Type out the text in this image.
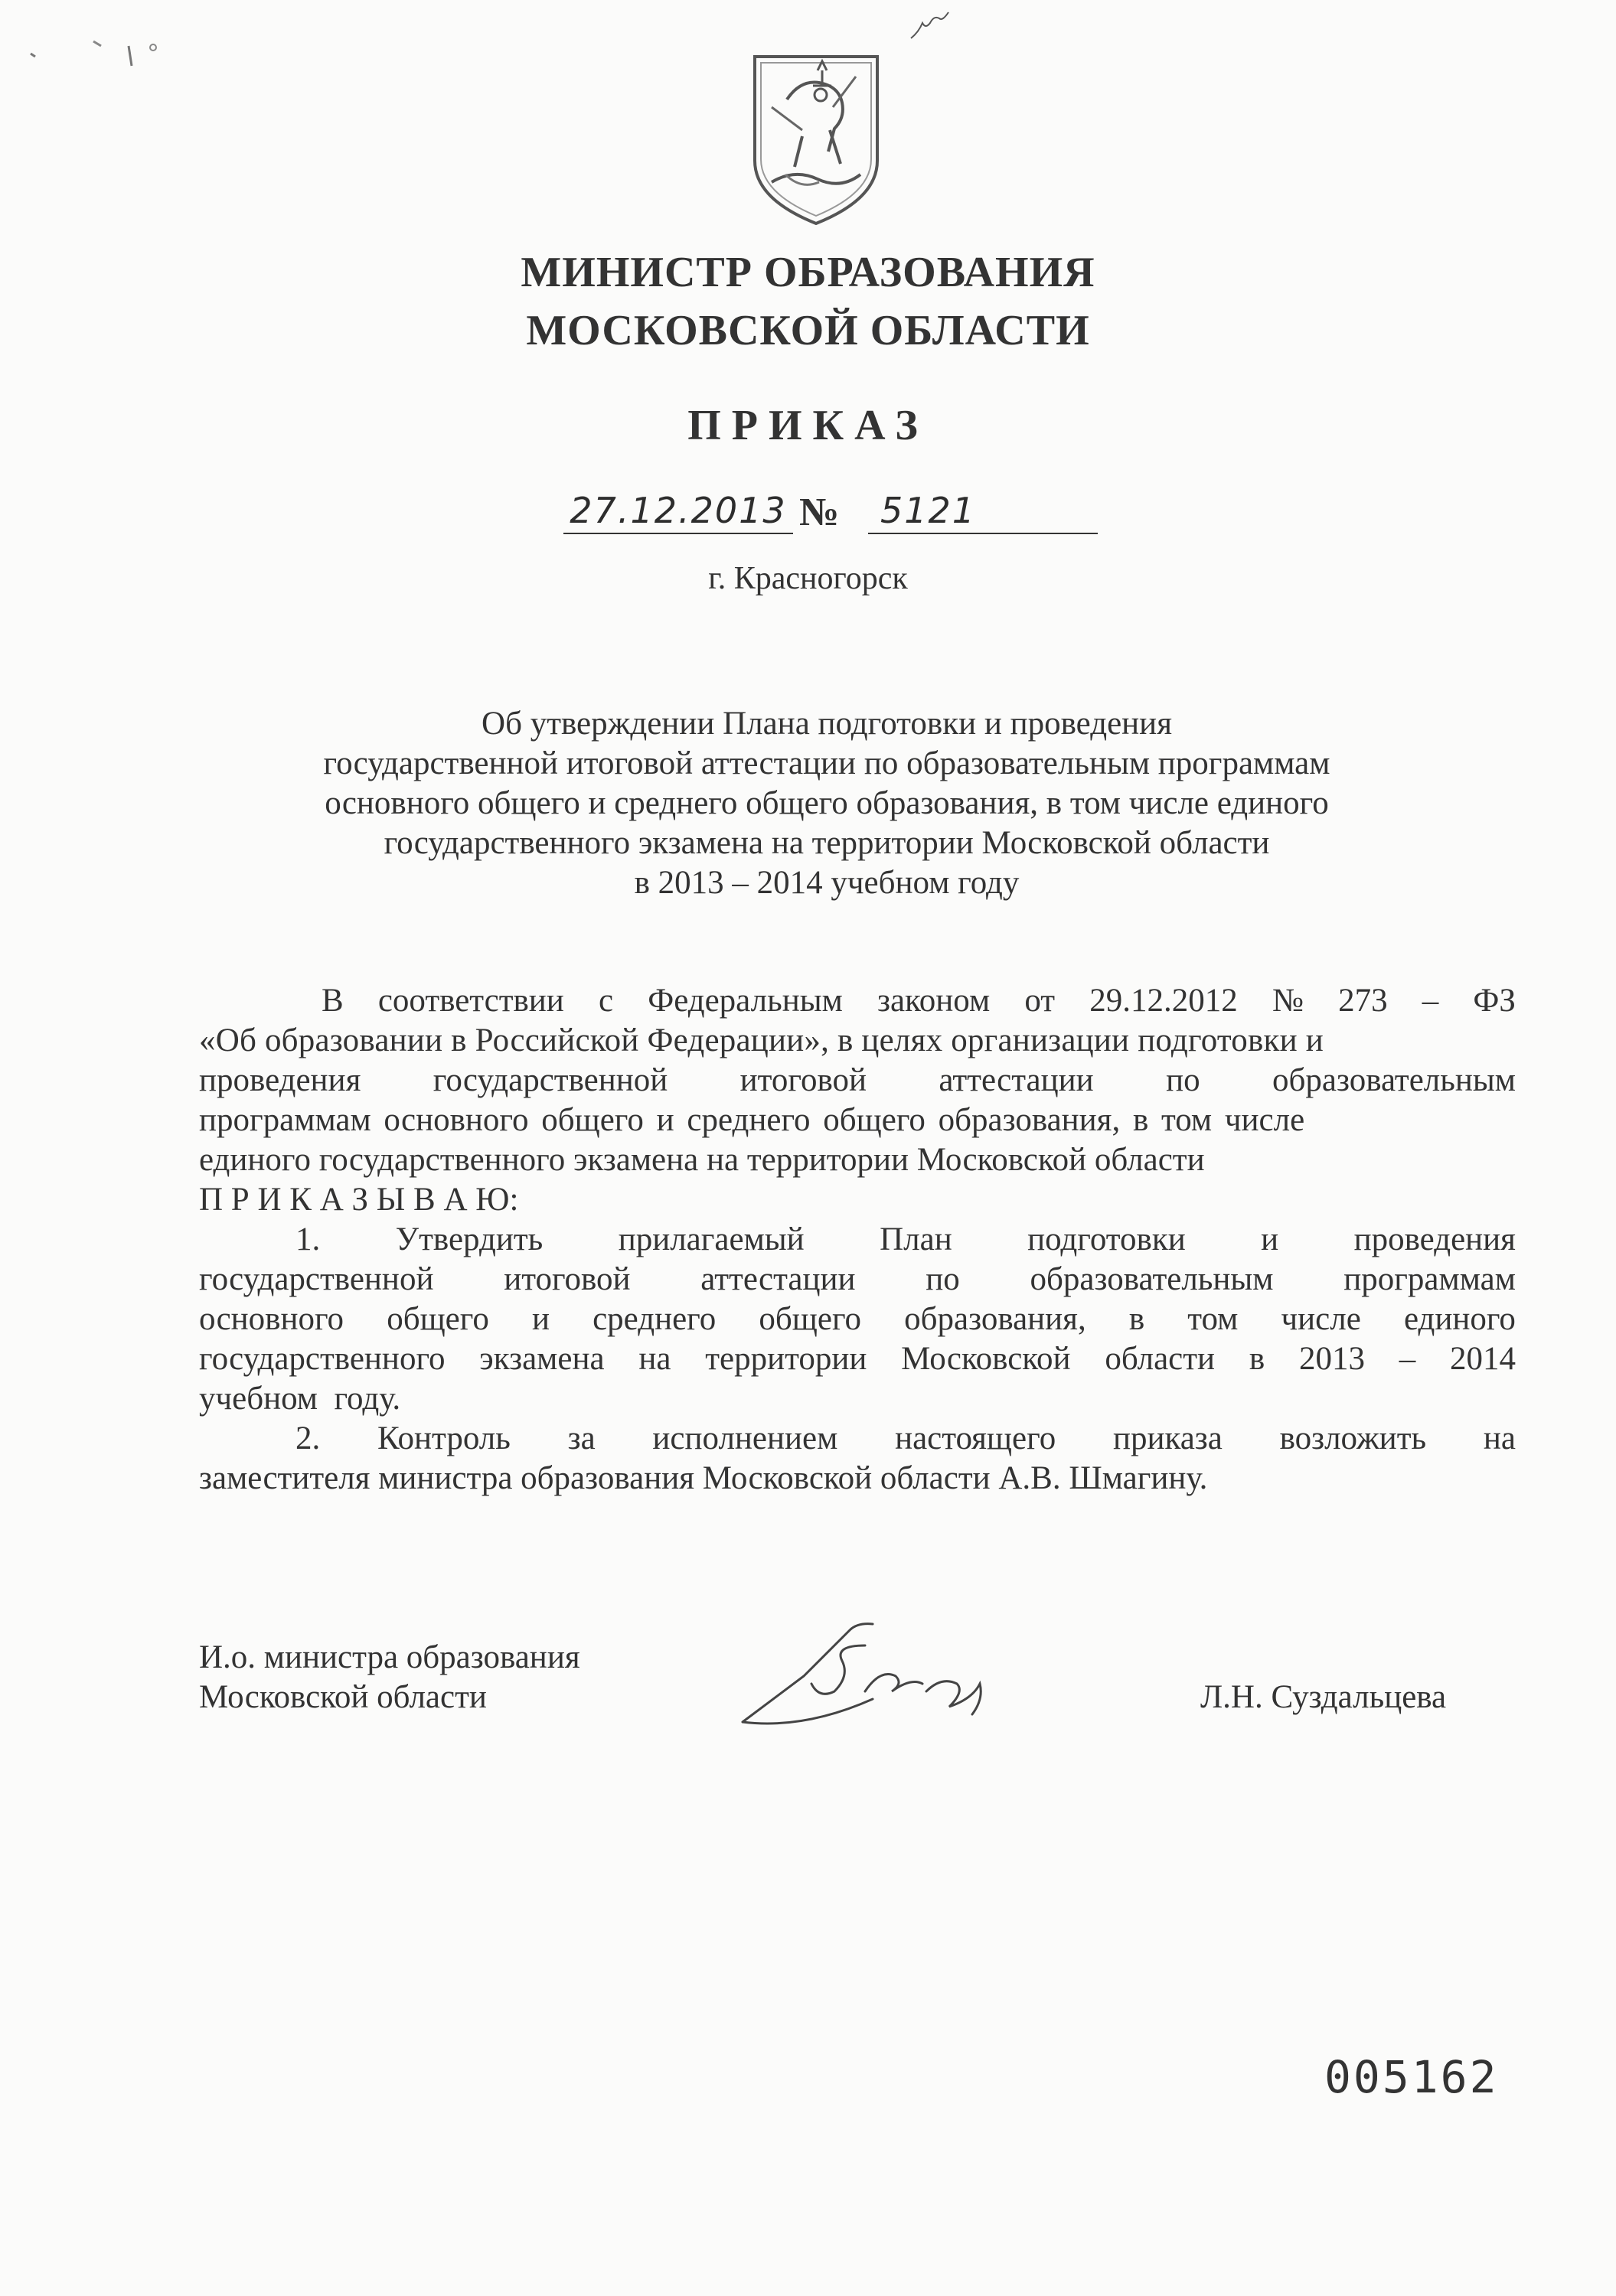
МИНИСТР ОБРАЗОВАНИЯ
МОСКОВСКОЙ ОБЛАСТИ
ПРИКАЗ
27.12.2013 №	5121
г. Красногорск
Об утверждении Плана подготовки и проведения
государственной итоговой аттестации по образовательным программам
основного общего и среднего общего образования, в том числе единого
государственного экзамена на территории Московской области
в 2013 – 2014 учебном году
В соответствии с Федеральным законом от 29.12.2012 № 273 – ФЗ
«Об образовании в Российской Федерации», в целях организации подготовки и
проведения государственной итоговой аттестации по образовательным
программам основного общего и среднего общего образования, в том числе
единого государственного экзамена на территории Московской области
П Р И К А З Ы В А Ю:
1. Утвердить прилагаемый План подготовки и проведения
государственной итоговой аттестации по образовательным программам
основного общего и среднего общего образования, в том числе единого
государственного экзамена на территории Московской области в 2013 – 2014
учебном  году.
2. Контроль за исполнением настоящего приказа возложить на
заместителя министра образования Московской области А.В. Шмагину.
И.о. министра образования
Московской области	Л.Н. Суздальцева
005162
